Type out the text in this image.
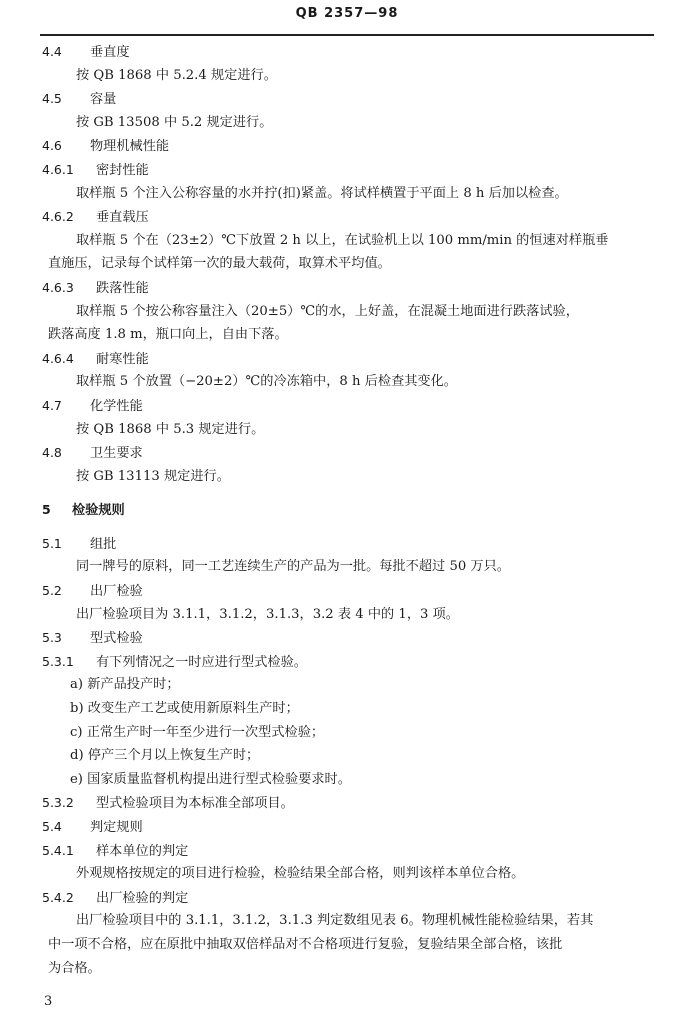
QB 2357—98
4.4 垂直度
按 QB 1868 中 5.2.4 规定进行。
4.5 容量
按 GB 13508 中 5.2 规定进行。
4.6 物理机械性能
4.6.1 密封性能
取样瓶 5 个注入公称容量的水并拧(扣)紧盖。将试样横置于平面上 8 h 后加以检查。
4.6.2 垂直载压
取样瓶 5 个在（23±2）℃下放置 2 h 以上，在试验机上以 100 mm/min 的恒速对样瓶垂
直施压，记录每个试样第一次的最大载荷，取算术平均值。
4.6.3 跌落性能
取样瓶 5 个按公称容量注入（20±5）℃的水，上好盖，在混凝土地面进行跌落试验，
跌落高度 1.8 m，瓶口向上，自由下落。
4.6.4 耐寒性能
取样瓶 5 个放置（−20±2）℃的冷冻箱中，8 h 后检查其变化。
4.7 化学性能
按 QB 1868 中 5.3 规定进行。
4.8 卫生要求
按 GB 13113 规定进行。
5 检验规则
5.1 组批
同一牌号的原料，同一工艺连续生产的产品为一批。每批不超过 50 万只。
5.2 出厂检验
出厂检验项目为 3.1.1，3.1.2，3.1.3，3.2 表 4 中的 1，3 项。
5.3 型式检验
5.3.1 有下列情况之一时应进行型式检验。
a) 新产品投产时；
b) 改变生产工艺或使用新原料生产时；
c) 正常生产时一年至少进行一次型式检验；
d) 停产三个月以上恢复生产时；
e) 国家质量监督机构提出进行型式检验要求时。
5.3.2 型式检验项目为本标准全部项目。
5.4 判定规则
5.4.1 样本单位的判定
外观规格按规定的项目进行检验，检验结果全部合格，则判该样本单位合格。
5.4.2 出厂检验的判定
出厂检验项目中的 3.1.1，3.1.2，3.1.3 判定数组见表 6。物理机械性能检验结果，若其
中一项不合格，应在原批中抽取双倍样品对不合格项进行复验，复验结果全部合格，该批
为合格。
3
